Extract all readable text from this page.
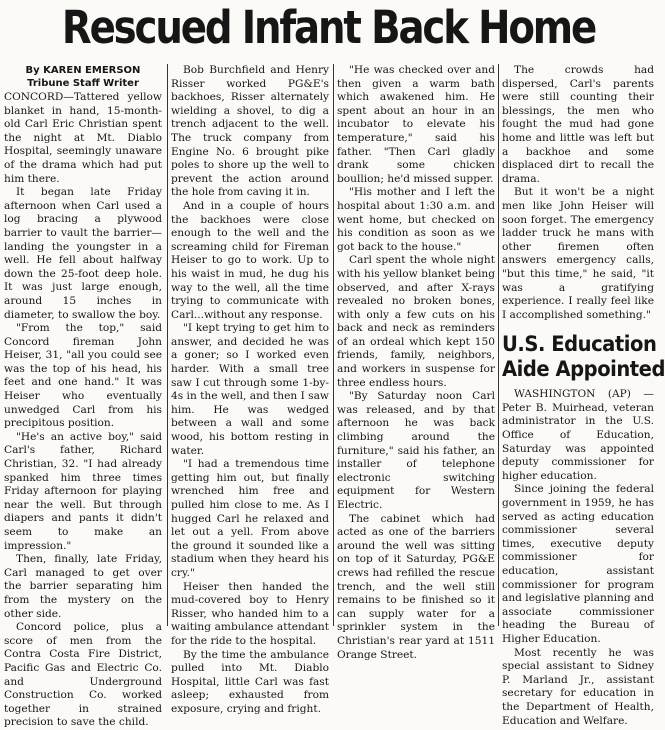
Rescued Infant Back Home
By KAREN EMERSON
Tribune Staff Writer

CONCORD—Tattered yellow blanket in hand, 15-month-old Carl Eric Christian spent the night at Mt. Diablo Hospital, seemingly unaware of the drama which had put him there.

It began late Friday afternoon when Carl used a log bracing a plywood barrier to vault the barrier—landing the youngster in a well. He fell about halfway down the 25-foot deep hole. It was just large enough, around 15 inches in diameter, to swallow the boy.

"From the top," said Concord fireman John Heiser, 31, "all you could see was the top of his head, his feet and one hand." It was Heiser who eventually unwedged Carl from his precipitous position.

"He's an active boy," said Carl's father, Richard Christian, 32. "I had already spanked him three times Friday afternoon for playing near the well. But through diapers and pants it didn't seem to make an impression."

Then, finally, late Friday, Carl managed to get over the barrier separating him from the mystery on the other side.

Concord police, plus a score of men from the Contra Costa Fire District, Pacific Gas and Electric Co. and Underground Construction Co. worked together in strained precision to save the child.

Bob Burchfield and Henry Risser worked PG&E's backhoes, Risser alternately wielding a shovel, to dig a trench adjacent to the well. The truck company from Engine No. 6 brought pike poles to shore up the well to prevent the action around the hole from caving it in.

And in a couple of hours the backhoes were close enough to the well and the screaming child for Fireman Heiser to go to work. Up to his waist in mud, he dug his way to the well, all the time trying to communicate with Carl...without any response.

"I kept trying to get him to answer, and decided he was a goner; so I worked even harder. With a small tree saw I cut through some 1-by-4s in the well, and then I saw him. He was wedged between a wall and some wood, his bottom resting in water.

"I had a tremendous time getting him out, but finally wrenched him free and pulled him close to me. As I hugged Carl he relaxed and let out a yell. From above the ground it sounded like a stadium when they heard his cry."

Heiser then handed the mud-covered boy to Henry Risser, who handed him to a waiting ambulance attendant for the ride to the hospital.

By the time the ambulance pulled into Mt. Diablo Hospital, little Carl was fast asleep; exhausted from exposure, crying and fright.

"He was checked over and then given a warm bath which awakened him. He spent about an hour in an incubator to elevate his temperature," said his father. "Then Carl gladly drank some chicken boullion; he'd missed supper.

"His mother and I left the hospital about 1:30 a.m. and went home, but checked on his condition as soon as we got back to the house."

Carl spent the whole night with his yellow blanket being observed, and after X-rays revealed no broken bones, with only a few cuts on his back and neck as reminders of an ordeal which kept 150 friends, family, neighbors, and workers in suspense for three endless hours.

"By Saturday noon Carl was released, and by that afternoon he was back climbing around the furniture," said his father, an installer of telephone electronic switching equipment for Western Electric.

The cabinet which had acted as one of the barriers around the well was sitting on top of it Saturday, PG&E crews had refilled the rescue trench, and the well still remains to be finished so it can supply water for a sprinkler system in the Christian's rear yard at 1511 Orange Street.

The crowds had dispersed, Carl's parents were still counting their blessings, the men who fought the mud had gone home and little was left but a backhoe and some displaced dirt to recall the drama.

But it won't be a night men like John Heiser will soon forget. The emergency ladder truck he mans with other firemen often answers emergency calls, "but this time," he said, "it was a gratifying experience. I really feel like I accomplished something."

U.S. Education
Aide Appointed

WASHINGTON (AP) — Peter B. Muirhead, veteran administrator in the U.S. Office of Education, Saturday was appointed deputy commissioner for higher education.

Since joining the federal government in 1959, he has served as acting education commissioner several times, executive deputy commissioner for education, assistant commissioner for program and legislative planning and associate commissioner heading the Bureau of Higher Education.

Most recently he was special assistant to Sidney P. Marland Jr., assistant secretary for education in the Department of Health, Education and Welfare.
